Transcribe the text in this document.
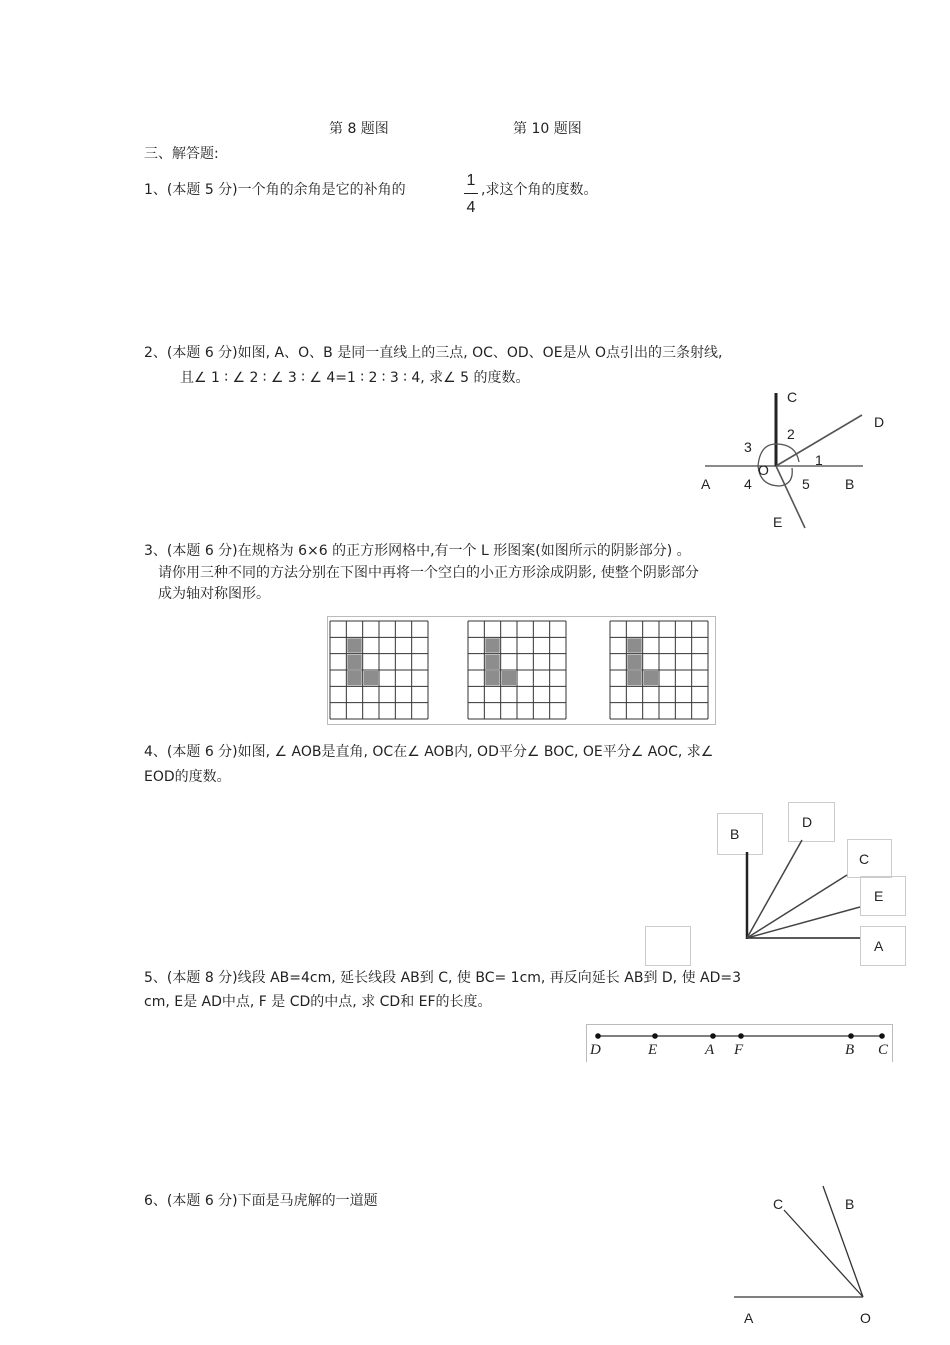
第 8 题图	第 10 题图
三、解答题:
1、(本题 5 分)一个角的余角是它的补角的
1
4
,求这个角的度数。
2、(本题 6 分)如图, A、O、B 是同一直线上的三点, OC、OD、OE是从 O点引出的三条射线,
且∠ 1 ∶ ∠ 2 ∶ ∠ 3 ∶ ∠ 4=1 ∶ 2 ∶ 3 ∶ 4, 求∠ 5 的度数。
C
D
2
3
1
O
A 4	5	B
E
3、(本题 6 分)在规格为 6×6 的正方形网格中,有一个 L 形图案(如图所示的阴影部分) 。
请你用三种不同的方法分别在下图中再将一个空白的小正方形涂成阴影, 使整个阴影部分
成为轴对称图形。
4、(本题 6 分)如图, ∠ AOB是直角, OC在∠ AOB内, OD平分∠ BOC, OE平分∠ AOC, 求∠
EOD的度数。
B
D
C
E
A
5、(本题 8 分)线段 AB=4cm, 延长线段 AB到 C, 使 BC= 1cm, 再反向延长 AB到 D, 使 AD=3
cm, E是 AD中点, F 是 CD的中点, 求 CD和 EF的长度。
D	E	A F	B C
6、(本题 6 分)下面是马虎解的一道题	C	B
A	O
